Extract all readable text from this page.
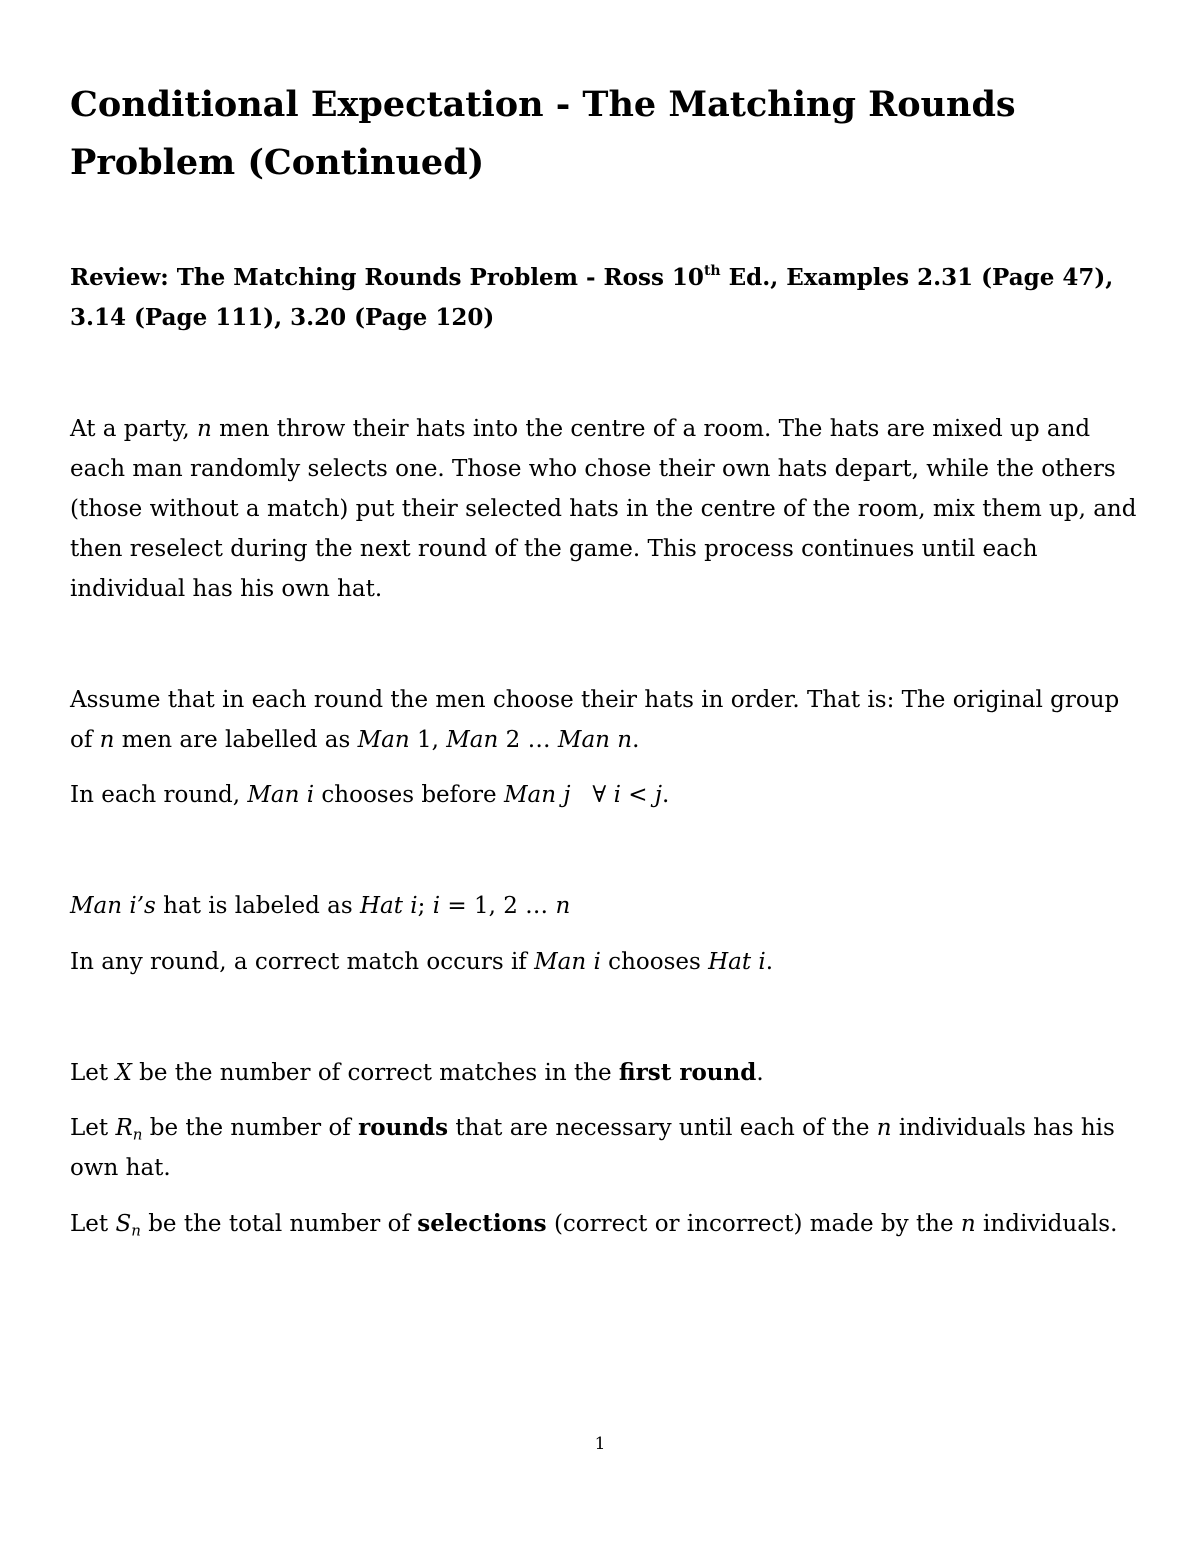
Conditional Expectation - The Matching Rounds Problem (Continued)

Review: The Matching Rounds Problem - Ross 10th Ed., Examples 2.31 (Page 47), 3.14 (Page 111), 3.20 (Page 120)

At a party, n men throw their hats into the centre of a room. The hats are mixed up and each man randomly selects one. Those who chose their own hats depart, while the others (those without a match) put their selected hats in the centre of the room, mix them up, and then reselect during the next round of the game. This process continues until each individual has his own hat.

Assume that in each round the men choose their hats in order. That is: The original group of n men are labelled as Man 1, Man 2 … Man n.

In each round, Man i chooses before Man j   ∀ i < j.

Man i’s hat is labeled as Hat i; i = 1, 2 … n

In any round, a correct match occurs if Man i chooses Hat i.

Let X be the number of correct matches in the first round.

Let $R_n$ be the number of rounds that are necessary until each of the n individuals has his own hat.

Let $S_n$ be the total number of selections (correct or incorrect) made by the n individuals.

1
